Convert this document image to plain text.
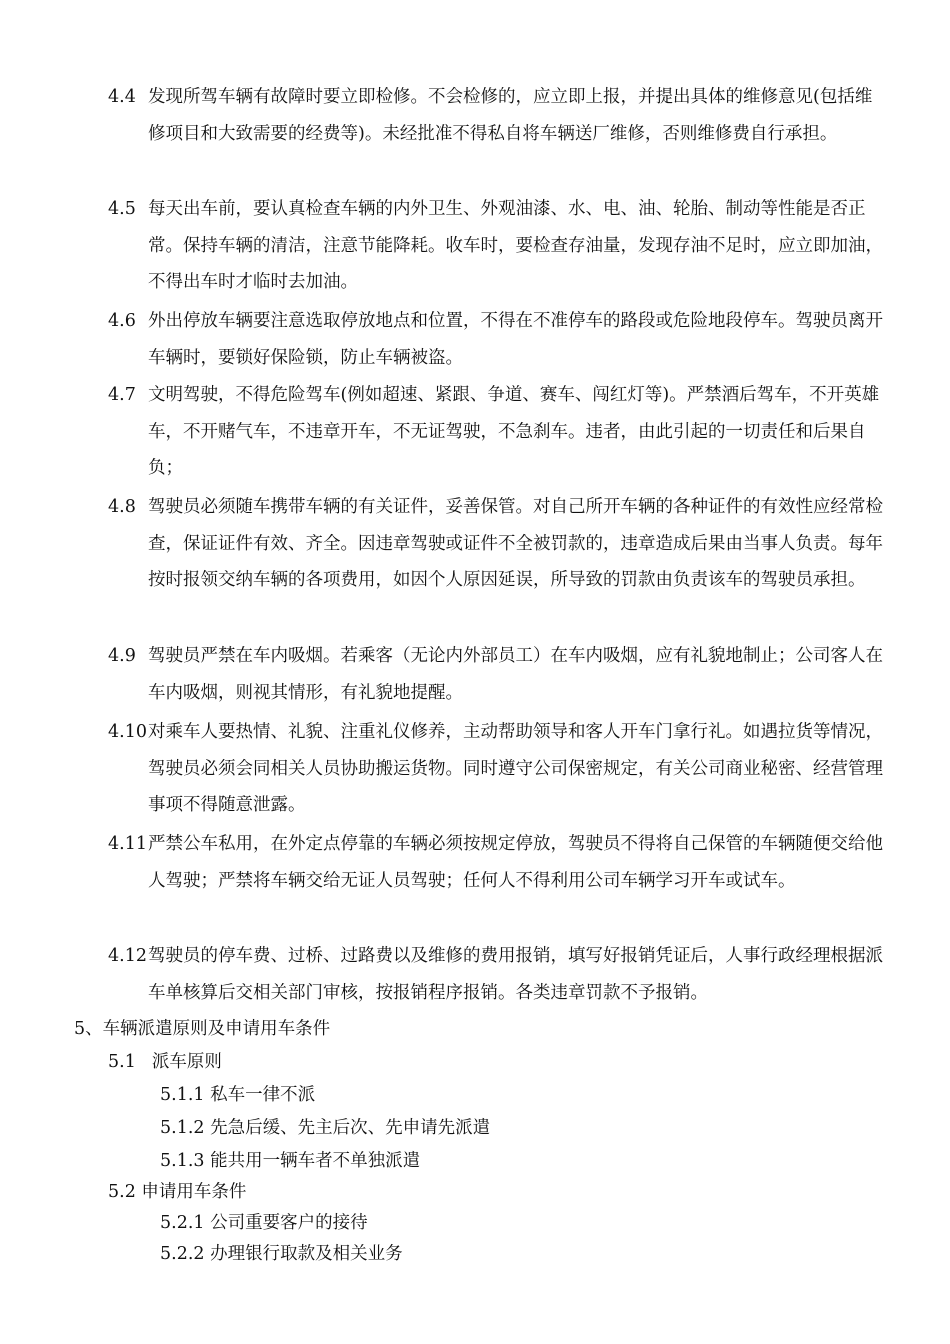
4.4 发现所驾车辆有故障时要立即检修。不会检修的，应立即上报，并提出具体的维修意见(包括维修项目和大致需要的经费等)。未经批准不得私自将车辆送厂维修，否则维修费自行承担。
4.5 每天出车前，要认真检查车辆的内外卫生、外观油漆、水、电、油、轮胎、制动等性能是否正常。保持车辆的清洁，注意节能降耗。收车时，要检查存油量，发现存油不足时，应立即加油，不得出车时才临时去加油。
4.6 外出停放车辆要注意选取停放地点和位置，不得在不准停车的路段或危险地段停车。驾驶员离开车辆时，要锁好保险锁，防止车辆被盗。
4.7 文明驾驶，不得危险驾车(例如超速、紧跟、争道、赛车、闯红灯等)。严禁酒后驾车，不开英雄车，不开赌气车，不违章开车，不无证驾驶，不急刹车。违者，由此引起的一切责任和后果自负；
4.8 驾驶员必须随车携带车辆的有关证件，妥善保管。对自己所开车辆的各种证件的有效性应经常检查，保证证件有效、齐全。因违章驾驶或证件不全被罚款的，违章造成后果由当事人负责。每年按时报领交纳车辆的各项费用，如因个人原因延误，所导致的罚款由负责该车的驾驶员承担。
4.9 驾驶员严禁在车内吸烟。若乘客（无论内外部员工）在车内吸烟，应有礼貌地制止；公司客人在车内吸烟，则视其情形，有礼貌地提醒。
4.10 对乘车人要热情、礼貌、注重礼仪修养，主动帮助领导和客人开车门拿行礼。如遇拉货等情况，驾驶员必须会同相关人员协助搬运货物。同时遵守公司保密规定，有关公司商业秘密、经营管理事项不得随意泄露。
4.11 严禁公车私用，在外定点停靠的车辆必须按规定停放，驾驶员不得将自己保管的车辆随便交给他人驾驶；严禁将车辆交给无证人员驾驶；任何人不得利用公司车辆学习开车或试车。
4.12 驾驶员的停车费、过桥、过路费以及维修的费用报销，填写好报销凭证后，人事行政经理根据派车单核算后交相关部门审核，按报销程序报销。各类违章罚款不予报销。
5、车辆派遣原则及申请用车条件
5.1 派车原则
5.1.1 私车一律不派
5.1.2 先急后缓、先主后次、先申请先派遣
5.1.3 能共用一辆车者不单独派遣
5.2 申请用车条件
5.2.1 公司重要客户的接待
5.2.2 办理银行取款及相关业务
